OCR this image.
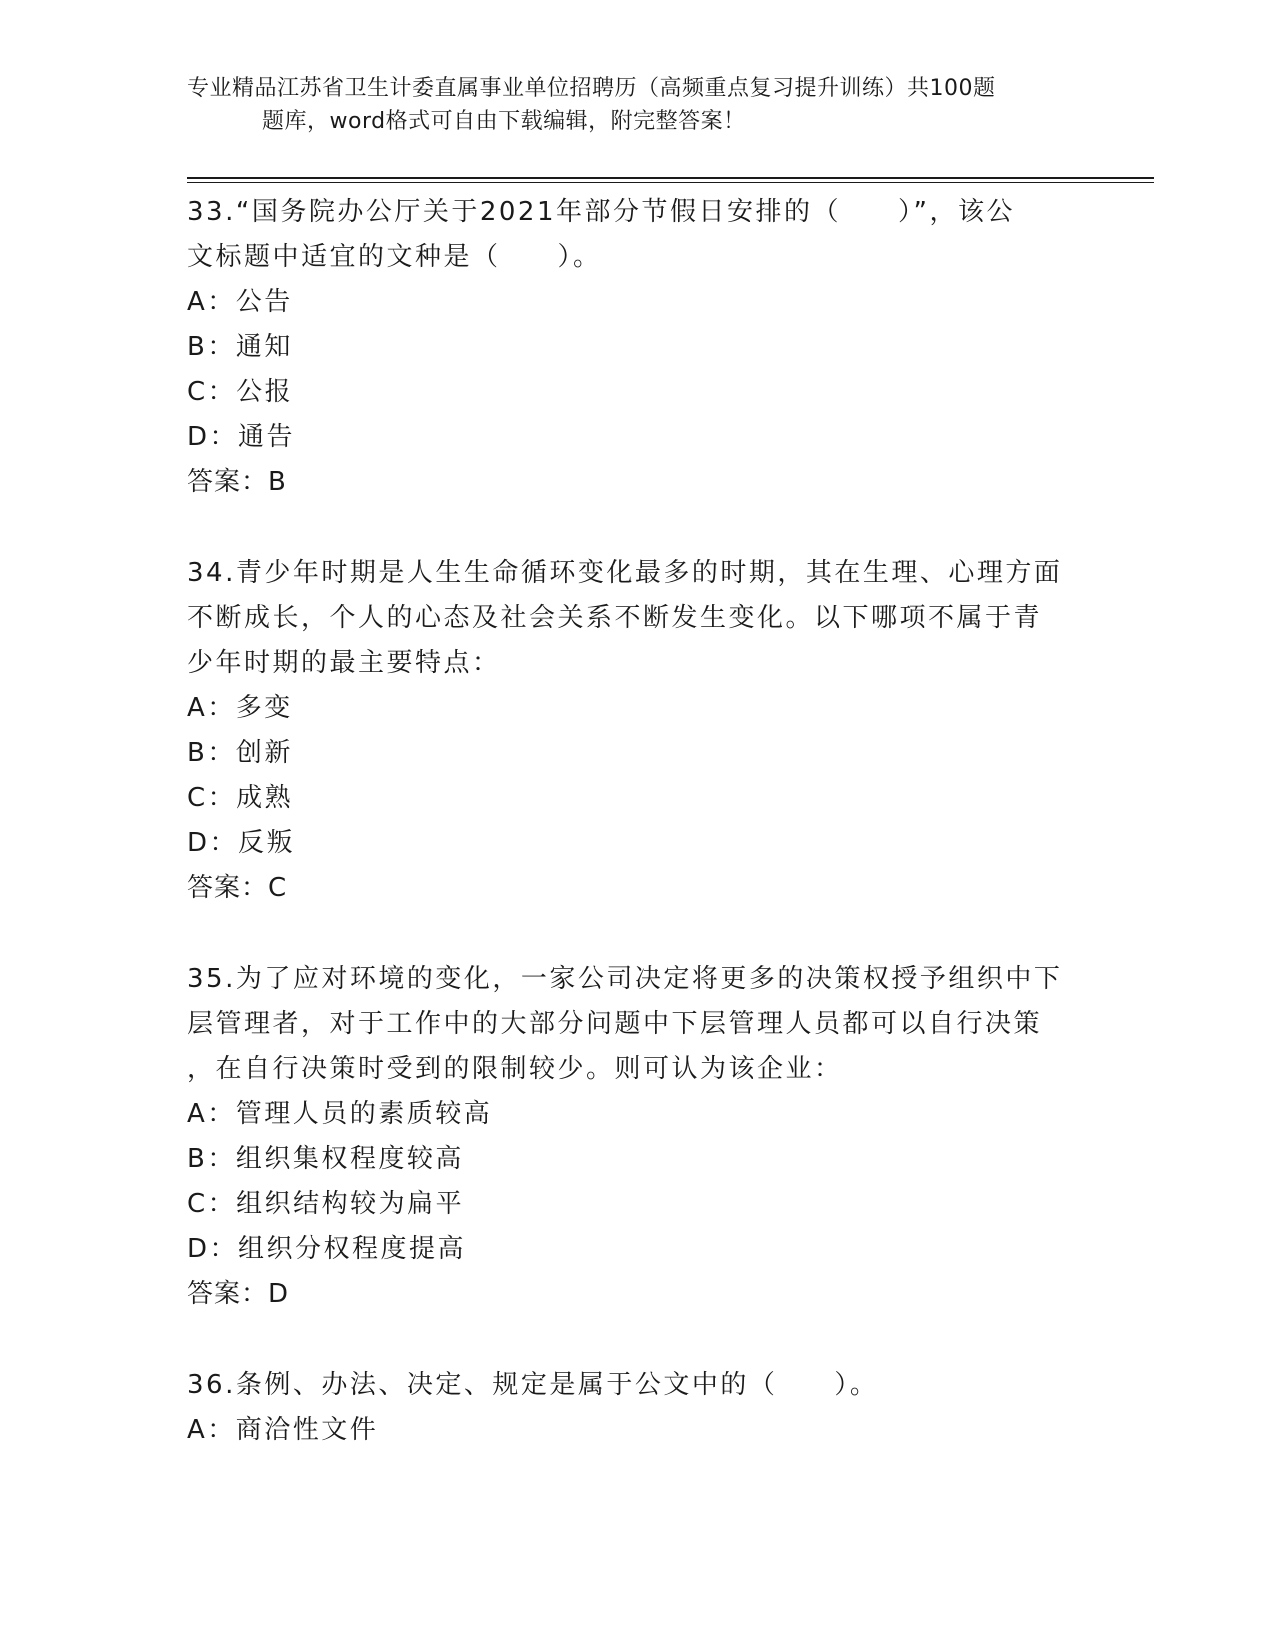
专业精品江苏省卫生计委直属事业单位招聘历（高频重点复习提升训练）共100题
题库，word格式可自由下载编辑，附完整答案！

33.“国务院办公厅关于2021年部分节假日安排的（　　）”，该公

文标题中适宜的文种是（　　）。

A：公告

B：通知

C：公报

D：通告

答案：B

34.青少年时期是人生生命循环变化最多的时期，其在生理、心理方面

不断成长，个人的心态及社会关系不断发生变化。以下哪项不属于青

少年时期的最主要特点：

A：多变

B：创新

C：成熟

D：反叛

答案：C

35.为了应对环境的变化，一家公司决定将更多的决策权授予组织中下

层管理者，对于工作中的大部分问题中下层管理人员都可以自行决策

，在自行决策时受到的限制较少。则可认为该企业：

A：管理人员的素质较高

B：组织集权程度较高

C：组织结构较为扁平

D：组织分权程度提高

答案：D

36.条例、办法、决定、规定是属于公文中的（　　）。

A：商洽性文件
